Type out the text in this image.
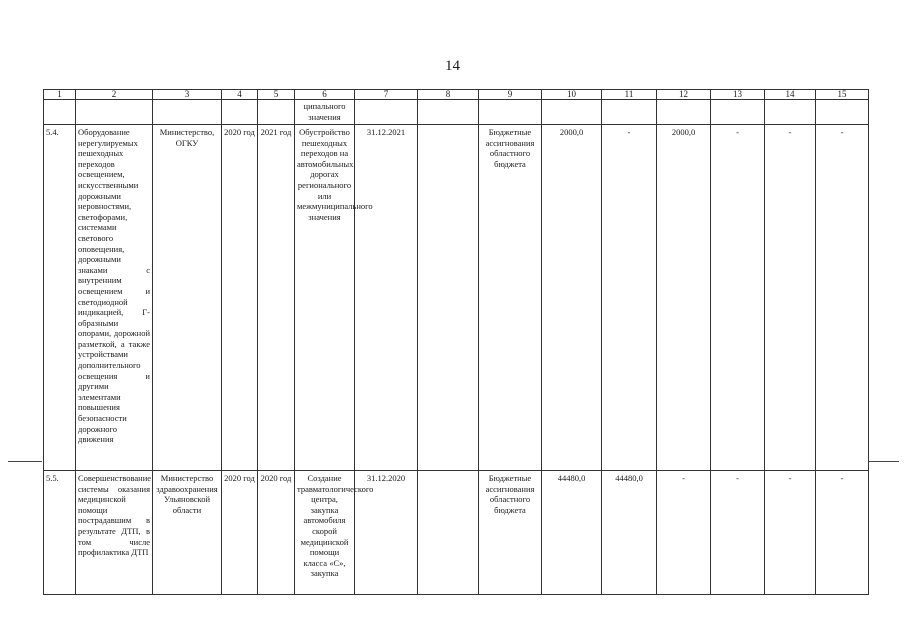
14
1	2	3	4	5	6	7	8	9	10	11	12	13	14	15
					ципального значения									
5.4.	Оборудование нерегулируемых пешеходных переходов освещением, искусственными дорожными неровностями, светофорами, системами светового оповещения, дорожными знаками с внутренним освещением и светодиодной индикацией, Г-образными опорами, дорожной разметкой, а также устройствами дополнительного освещения и другими элементами повышения безопасности дорожного движения	Министерство, ОГКУ	2020 год	2021 год	Обустройство пешеходных переходов на автомобильных дорогах регионального или межмуниципального значения	31.12.2021		Бюджетные ассигнования областного бюджета	2000,0	-	2000,0	-	-	-
5.5.	Совершенствование системы оказания медицинской помощи пострадавшим в результате ДТП, в том числе профилактика ДТП	Министерство здравоохранения Ульяновской области	2020 год	2020 год	Создание травматологического центра, закупка автомобиля скорой медицинской помощи класса «С», закупка	31.12.2020		Бюджетные ассигнования областного бюджета	44480,0	44480,0	-	-	-	-
